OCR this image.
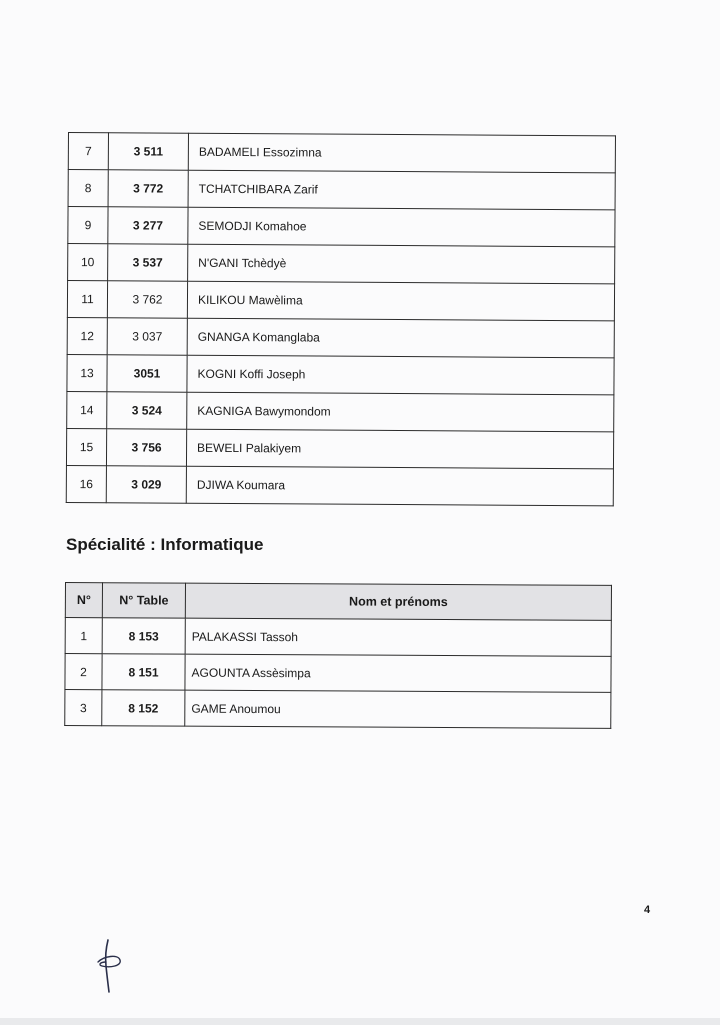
7	3 511	BADAMELI Essozimna
8	3 772	TCHATCHIBARA Zarif
9	3 277	SEMODJI Komahoe
10	3 537	N'GANI Tchèdyè
11	3 762	KILIKOU Mawèlima
12	3 037	GNANGA Komanglaba
13	3051	KOGNI Koffi Joseph
14	3 524	KAGNIGA Bawymondom
15	3 756	BEWELI Palakiyem
16	3 029	DJIWA Koumara
Spécialité : Informatique
N°	N° Table	Nom et prénoms
1	8 153	PALAKASSI Tassoh
2	8 151	AGOUNTA Assèsimpa
3	8 152	GAME Anoumou
4
